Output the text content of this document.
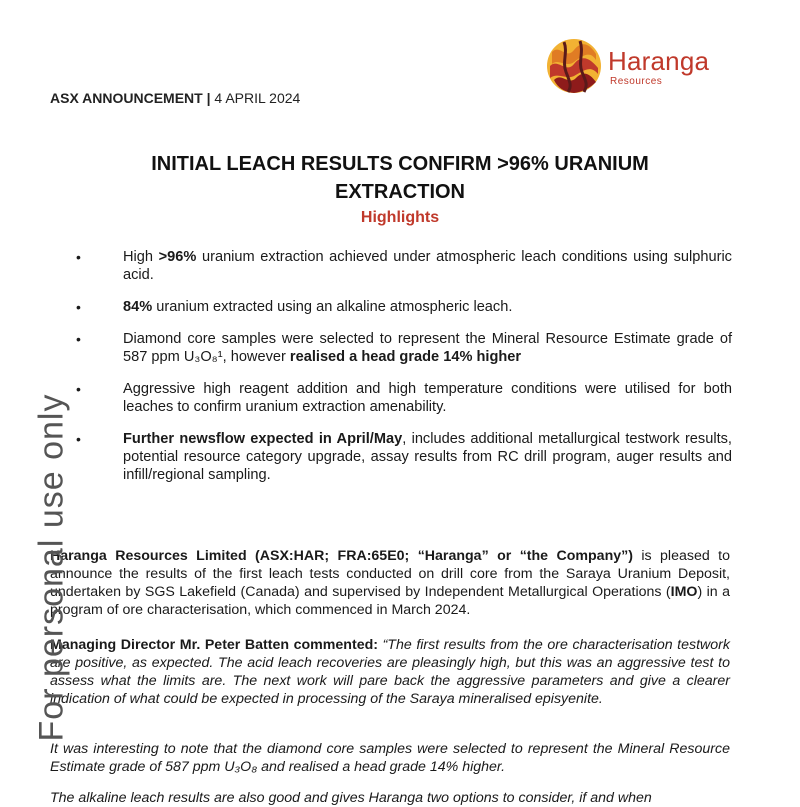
Haranga
Resources
ASX ANNOUNCEMENT | 4 APRIL 2024
INITIAL LEACH RESULTS CONFIRM >96% URANIUM
EXTRACTION
Highlights
•	High >96% uranium extraction achieved under atmospheric leach conditions using sulphuric acid.
•	84% uranium extracted using an alkaline atmospheric leach.
•	Diamond core samples were selected to represent the Mineral Resource Estimate grade of 587 ppm U₃O₈¹, however realised a head grade 14% higher
•	Aggressive high reagent addition and high temperature conditions were utilised for both leaches to confirm uranium extraction amenability.
•	Further newsflow expected in April/May, includes additional metallurgical testwork results, potential resource category upgrade, assay results from RC drill program, auger results and infill/regional sampling.
Haranga Resources Limited (ASX:HAR; FRA:65E0; “Haranga” or “the Company”) is pleased to announce the results of the first leach tests conducted on drill core from the Saraya Uranium Deposit, undertaken by SGS Lakefield (Canada) and supervised by Independent Metallurgical Operations (IMO) in a program of ore characterisation, which commenced in March 2024.
Managing Director Mr. Peter Batten commented: “The first results from the ore characterisation testwork are positive, as expected. The acid leach recoveries are pleasingly high, but this was an aggressive test to assess what the limits are. The next work will pare back the aggressive parameters and give a clearer indication of what could be expected in processing of the Saraya mineralised episyenite.
It was interesting to note that the diamond core samples were selected to represent the Mineral Resource Estimate grade of 587 ppm U₃O₈ and realised a head grade 14% higher.
The alkaline leach results are also good and gives Haranga two options to consider, if and when
For personal use only
